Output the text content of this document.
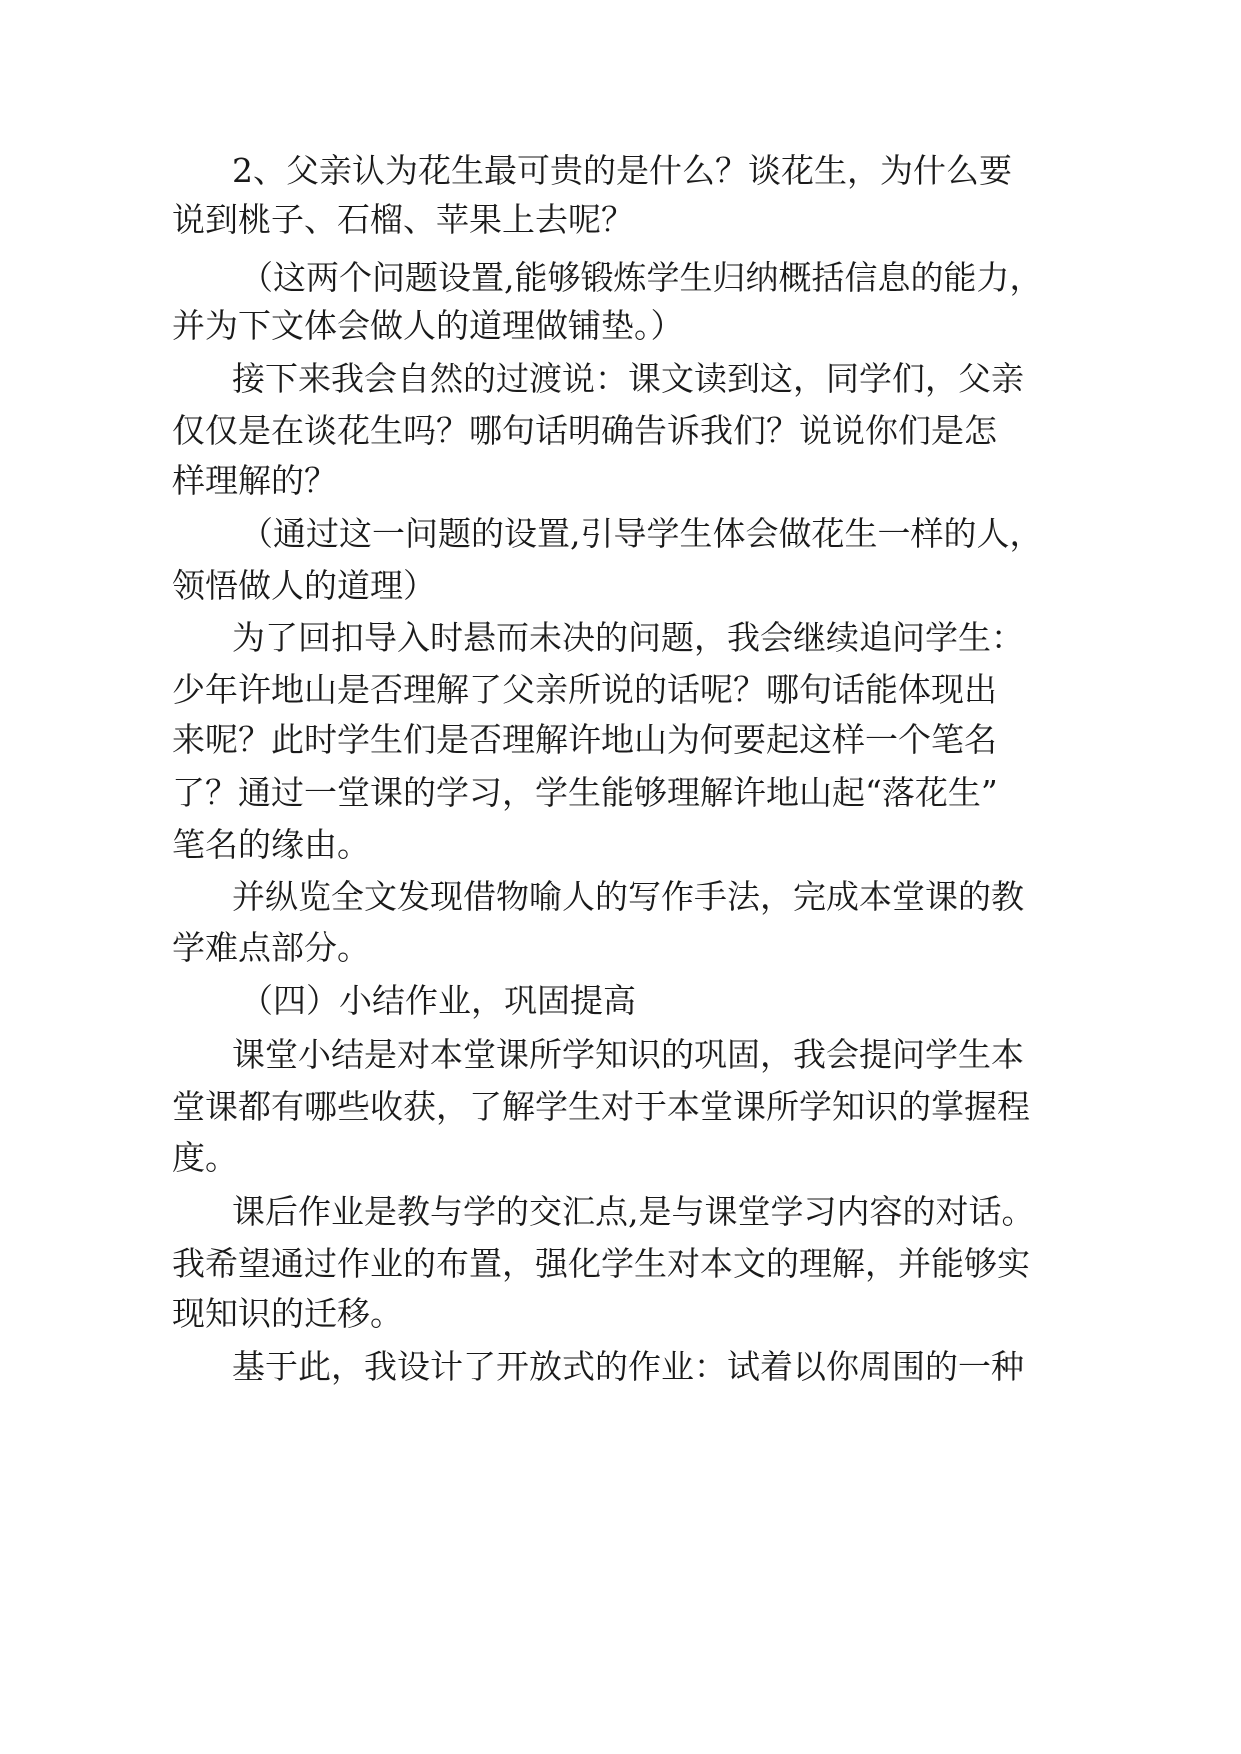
2、父亲认为花生最可贵的是什么？谈花生，为什么要

说到桃子、石榴、苹果上去呢？

（这两个问题设置,能够锻炼学生归纳概括信息的能力，

并为下文体会做人的道理做铺垫。）

接下来我会自然的过渡说：课文读到这，同学们，父亲

仅仅是在谈花生吗？哪句话明确告诉我们？说说你们是怎

样理解的？

（通过这一问题的设置,引导学生体会做花生一样的人，

领悟做人的道理）

为了回扣导入时悬而未决的问题，我会继续追问学生：

少年许地山是否理解了父亲所说的话呢？哪句话能体现出

来呢？此时学生们是否理解许地山为何要起这样一个笔名

了？通过一堂课的学习，学生能够理解许地山起“落花生”

笔名的缘由。

并纵览全文发现借物喻人的写作手法，完成本堂课的教

学难点部分。

（四）小结作业，巩固提高

课堂小结是对本堂课所学知识的巩固，我会提问学生本

堂课都有哪些收获，了解学生对于本堂课所学知识的掌握程

度。

课后作业是教与学的交汇点,是与课堂学习内容的对话。

我希望通过作业的布置，强化学生对本文的理解，并能够实

现知识的迁移。

基于此，我设计了开放式的作业：试着以你周围的一种
